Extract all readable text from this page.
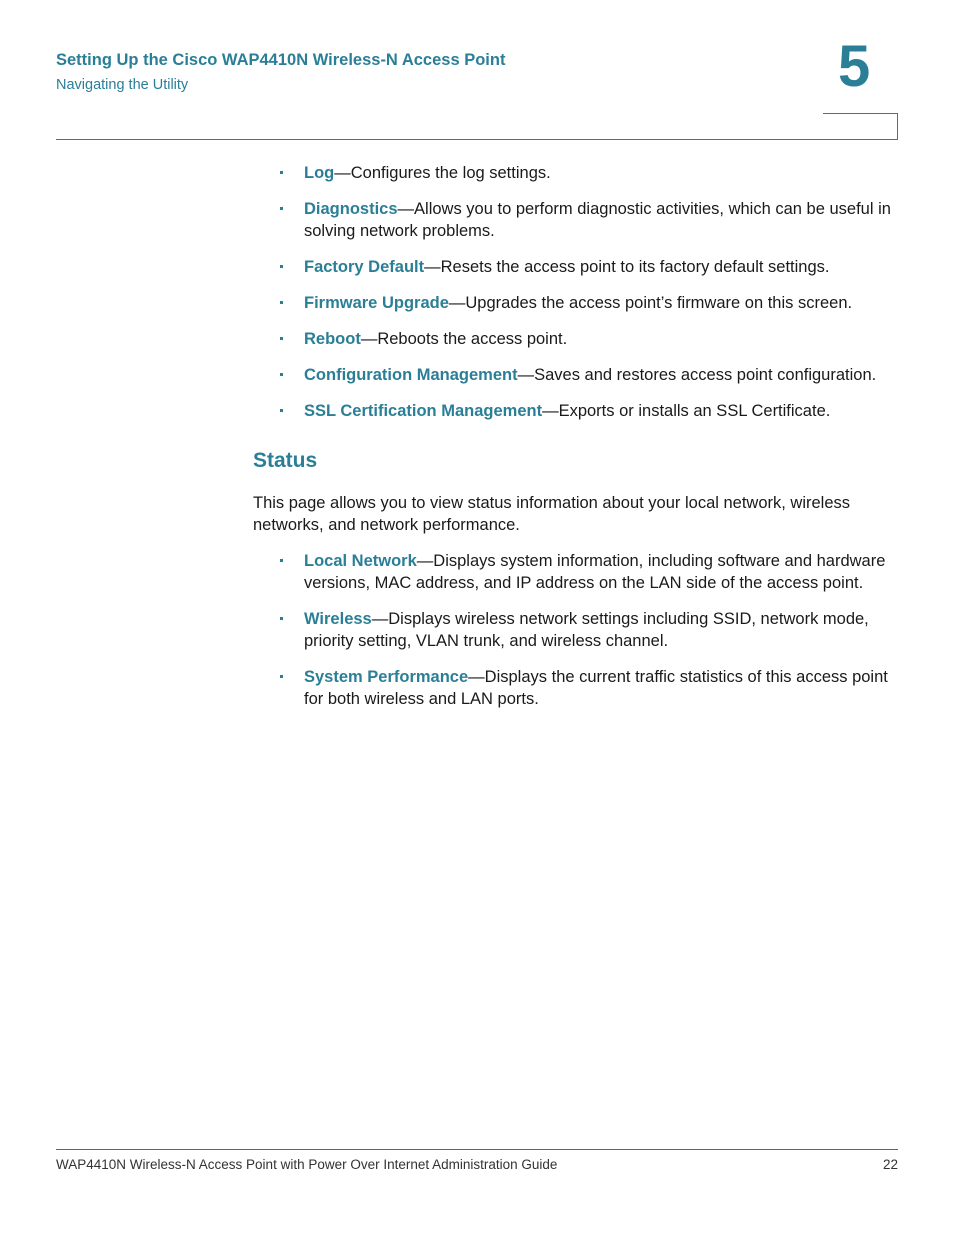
Setting Up the Cisco WAP4410N Wireless-N Access Point
Navigating the Utility	5
Log—Configures the log settings.
Diagnostics—Allows you to perform diagnostic activities, which can be useful in solving network problems.
Factory Default—Resets the access point to its factory default settings.
Firmware Upgrade—Upgrades the access point’s firmware on this screen.
Reboot—Reboots the access point.
Configuration Management—Saves and restores access point configuration.
SSL Certification Management—Exports or installs an SSL Certificate.
Status

This page allows you to view status information about your local network, wireless networks, and network performance.

Local Network—Displays system information, including software and hardware versions, MAC address, and IP address on the LAN side of the access point.
Wireless—Displays wireless network settings including SSID, network mode, priority setting, VLAN trunk, and wireless channel.
System Performance—Displays the current traffic statistics of this access point for both wireless and LAN ports.
WAP4410N Wireless-N Access Point with Power Over Internet Administration Guide	22
